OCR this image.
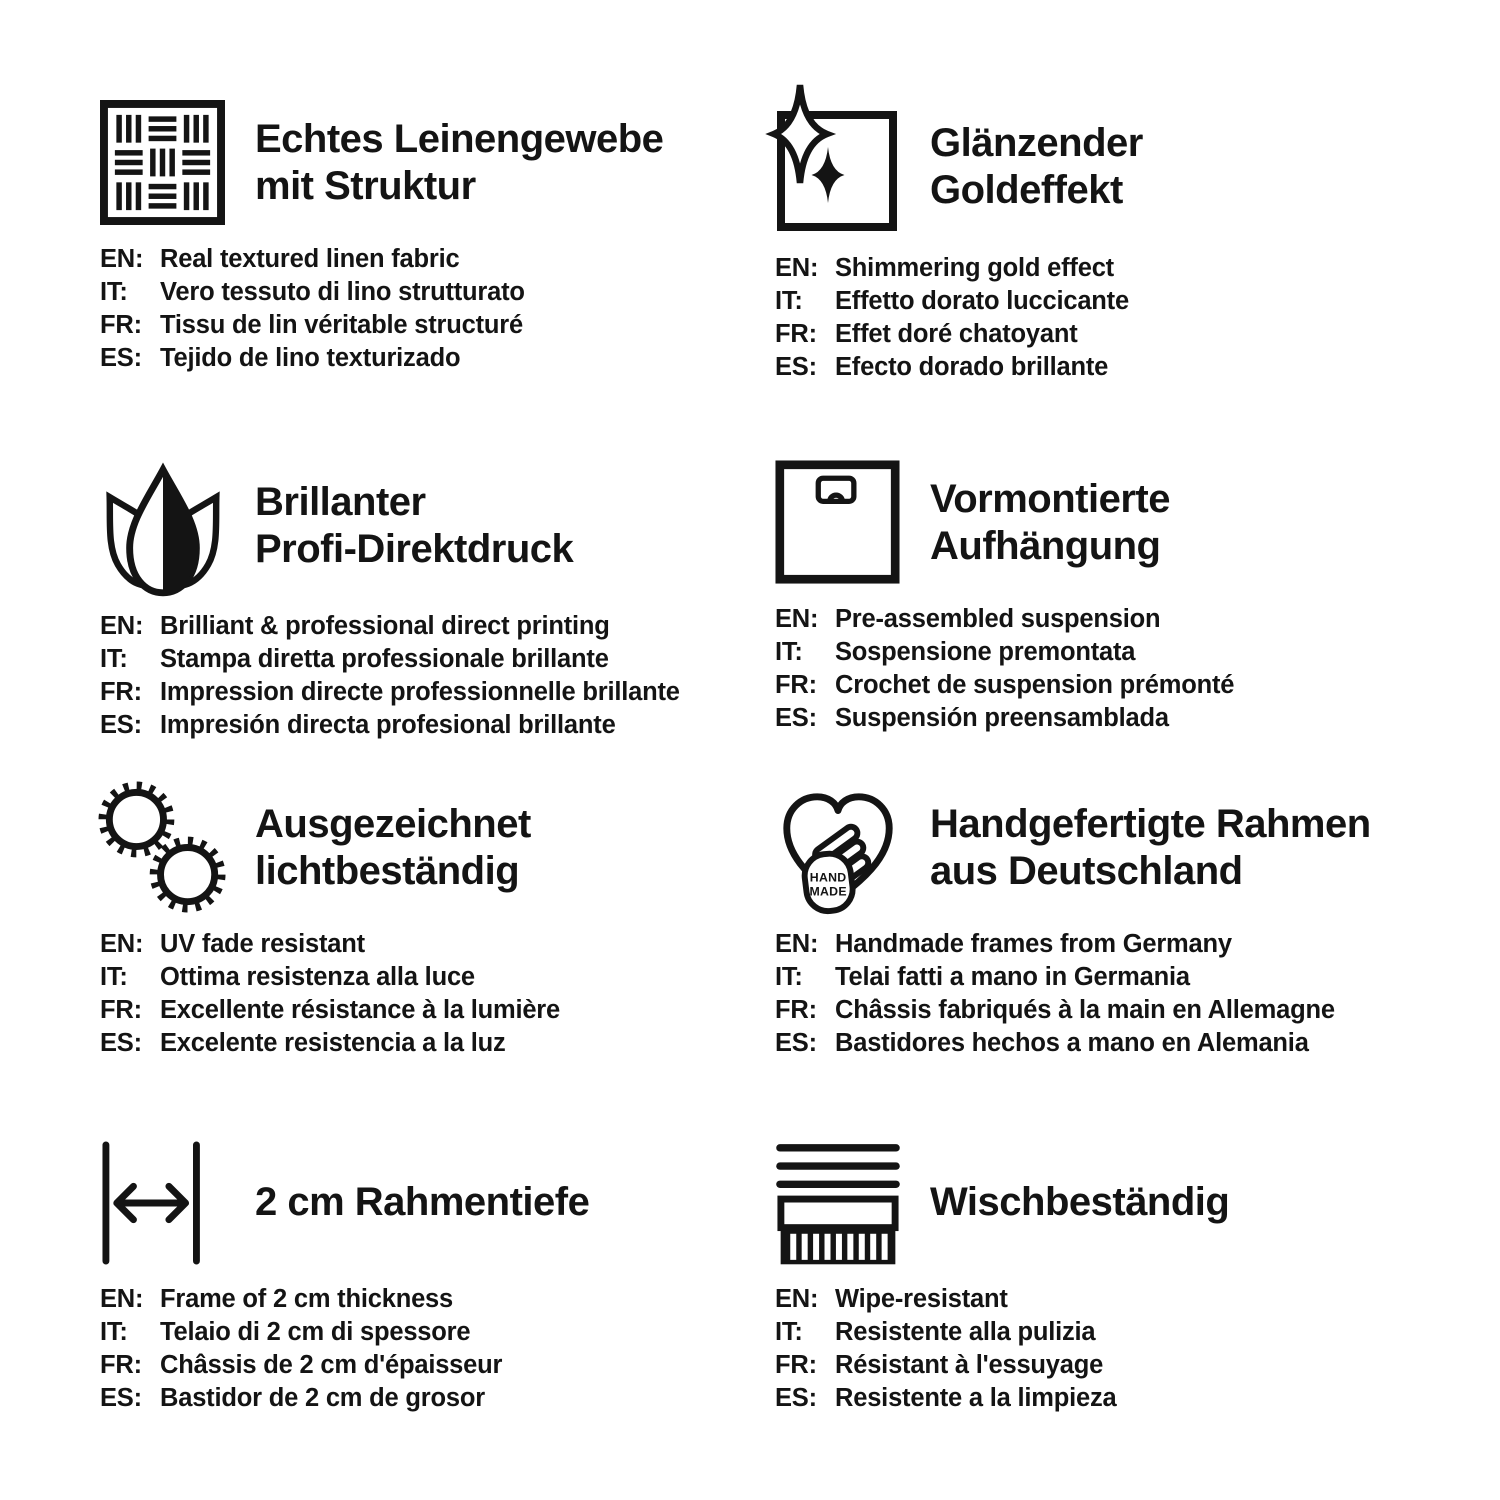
Echtes Leinengewebe
mit Struktur
EN: Real textured linen fabric
IT:	Vero tessuto di lino strutturato
FR: Tissu de lin véritable structuré
ES: Tejido de lino texturizado
Glänzender
Goldeffekt
EN: Shimmering gold effect
IT:	Effetto dorato luccicante
FR: Effet doré chatoyant
ES: Efecto dorado brillante
Brillanter
Profi-Direktdruck
EN: Brilliant & professional direct printing
IT:	Stampa diretta professionale brillante
FR: Impression directe professionnelle brillante
ES: Impresión directa profesional brillante
Vormontierte
Aufhängung
EN: Pre-assembled suspension
IT:	Sospensione premontata
FR: Crochet de suspension prémonté
ES: Suspensión preensamblada
Ausgezeichnet
lichtbeständig
EN: UV fade resistant
IT:	Ottima resistenza alla luce
FR: Excellente résistance à la lumière
ES: Excelente resistencia a la luz
HAND
MADE
Handgefertigte Rahmen
aus Deutschland
EN: Handmade frames from Germany
IT:	Telai fatti a mano in Germania
FR: Châssis fabriqués à la main en Allemagne
ES: Bastidores hechos a mano en Alemania
2 cm Rahmentiefe
EN: Frame of 2 cm thickness
IT:	Telaio di 2 cm di spessore
FR: Châssis de 2 cm d'épaisseur
ES: Bastidor de 2 cm de grosor
Wischbeständig
EN: Wipe-resistant
IT:	Resistente alla pulizia
FR: Résistant à l'essuyage
ES: Resistente a la limpieza
